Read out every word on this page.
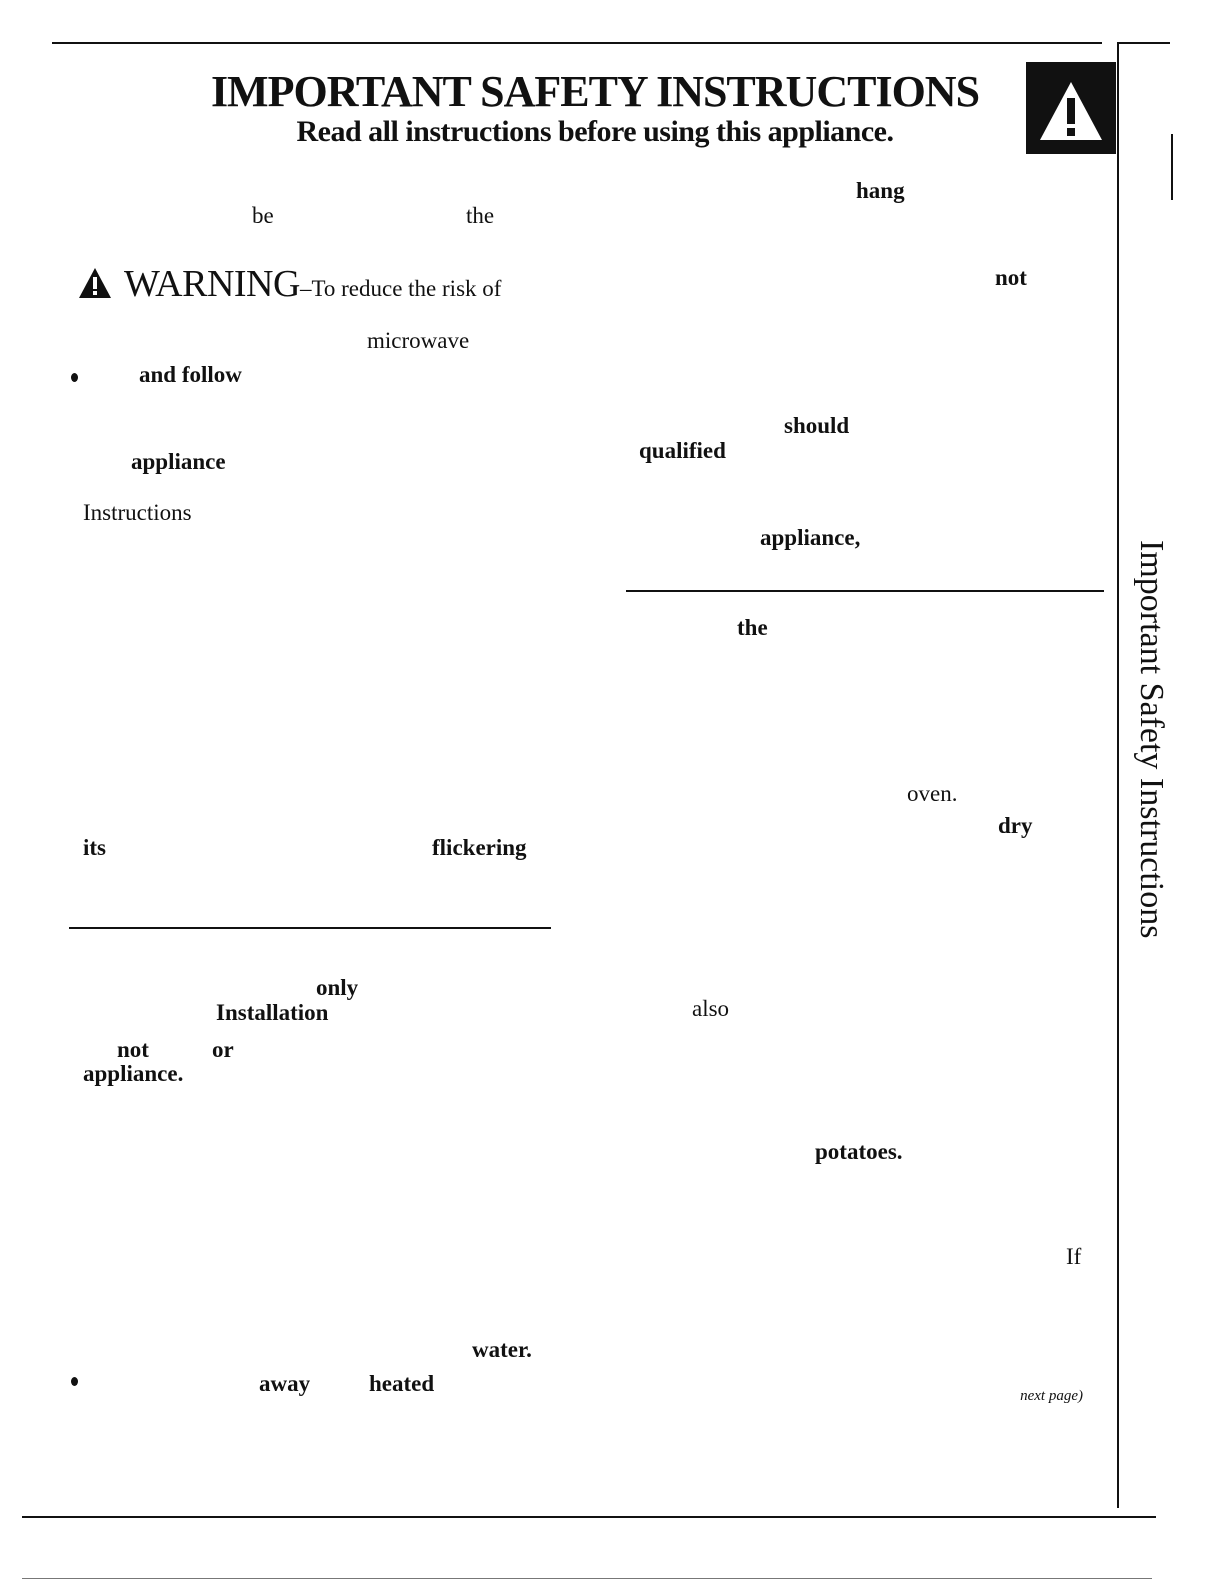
IMPORTANT SAFETY INSTRUCTIONS
Read all instructions before using this appliance.
Important Safety Instructions
be	the
WARNING–To reduce the risk of
microwave
and follow
appliance
Instructions
its	flickering
only
Installation
not	or
appliance.
water.
away	heated
hang
not
should
qualified
appliance,
the
oven.
dry
also
potatoes.
If
next page)
